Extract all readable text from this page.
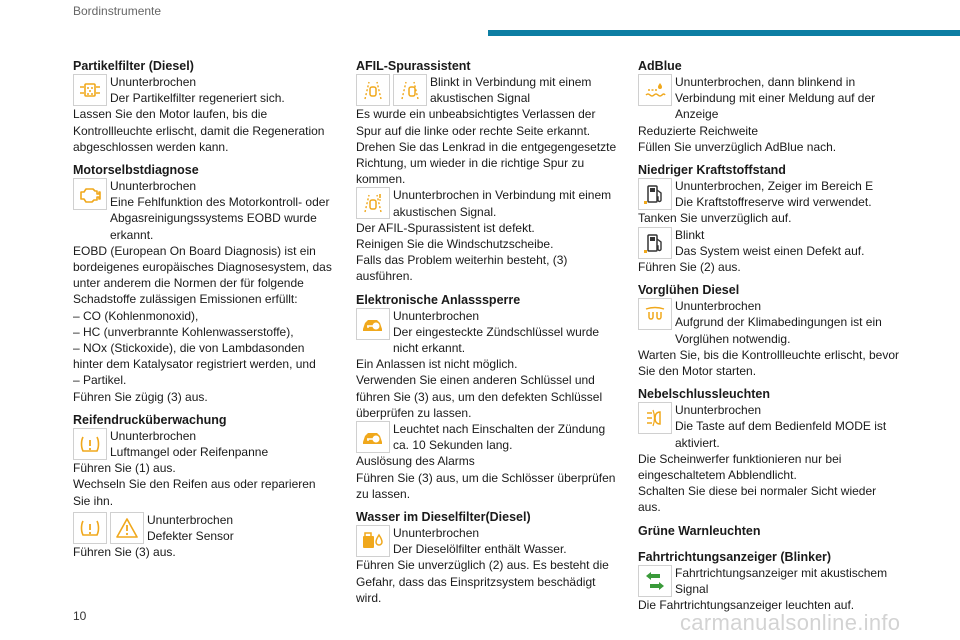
Bordinstrumente
Partikelfilter (Diesel)
Ununterbrochen
Der Partikelfilter regeneriert sich.

Lassen Sie den Motor laufen, bis die Kontrollleuchte erlischt, damit die Regeneration abgeschlossen werden kann.

Motorselbstdiagnose
Ununterbrochen
Eine Fehlfunktion des Motorkontroll- oder Abgasreinigungssystems EOBD wurde erkannt.

EOBD (European On Board Diagnosis) ist ein bordeigenes europäisches Diagnosesystem, das unter anderem die Normen der für folgende Schadstoffe zulässigen Emissionen erfüllt:

– CO (Kohlenmonoxid),

– HC (unverbrannte Kohlenwasserstoffe),

– NOx (Stickoxide), die von Lambdasonden hinter dem Katalysator registriert werden, und

– Partikel.

Führen Sie zügig (3) aus.

Reifendrucküberwachung
Ununterbrochen
Luftmangel oder Reifenpanne

Führen Sie (1) aus.

Wechseln Sie den Reifen aus oder reparieren Sie ihn.

Ununterbrochen
Defekter Sensor

Führen Sie (3) aus.

AFIL-Spurassistent
Blinkt in Verbindung mit einem akustischen Signal

Es wurde ein unbeabsichtigtes Verlassen der Spur auf die linke oder rechte Seite erkannt.

Drehen Sie das Lenkrad in die entgegengesetzte Richtung, um wieder in die richtige Spur zu kommen.

Ununterbrochen in Verbindung mit einem akustischen Signal.

Der AFIL-Spurassistent ist defekt.

Reinigen Sie die Windschutzscheibe.

Falls das Problem weiterhin besteht, (3) ausführen.

Elektronische Anlasssperre
Ununterbrochen
Der eingesteckte Zündschlüssel wurde nicht erkannt.

Ein Anlassen ist nicht möglich.

Verwenden Sie einen anderen Schlüssel und führen Sie (3) aus, um den defekten Schlüssel überprüfen zu lassen.

Leuchtet nach Einschalten der Zündung ca. 10 Sekunden lang.

Auslösung des Alarms

Führen Sie (3) aus, um die Schlösser überprüfen zu lassen.

Wasser im Dieselfilter(Diesel)
Ununterbrochen
Der Dieselölfilter enthält Wasser.

Führen Sie unverzüglich (2) aus. Es besteht die Gefahr, dass das Einspritzsystem beschädigt wird.

AdBlue
Ununterbrochen, dann blinkend in Verbindung mit einer Meldung auf der Anzeige

Reduzierte Reichweite

Füllen Sie unverzüglich AdBlue nach.

Niedriger Kraftstoffstand
Ununterbrochen, Zeiger im Bereich E
Die Kraftstoffreserve wird verwendet.

Tanken Sie unverzüglich auf.

Blinkt
Das System weist einen Defekt auf.

Führen Sie (2) aus.

Vorglühen Diesel
Ununterbrochen
Aufgrund der Klimabedingungen ist ein Vorglühen notwendig.

Warten Sie, bis die Kontrollleuchte erlischt, bevor Sie den Motor starten.

Nebelschlussleuchten
Ununterbrochen
Die Taste auf dem Bedienfeld MODE ist aktiviert.

Die Scheinwerfer funktionieren nur bei eingeschaltetem Abblendlicht.

Schalten Sie diese bei normaler Sicht wieder aus.

Grüne Warnleuchten
Fahrtrichtungsanzeiger (Blinker)
Fahrtrichtungsanzeiger mit akustischem Signal

Die Fahrtrichtungsanzeiger leuchten auf.

10	carmanualsonline.info
